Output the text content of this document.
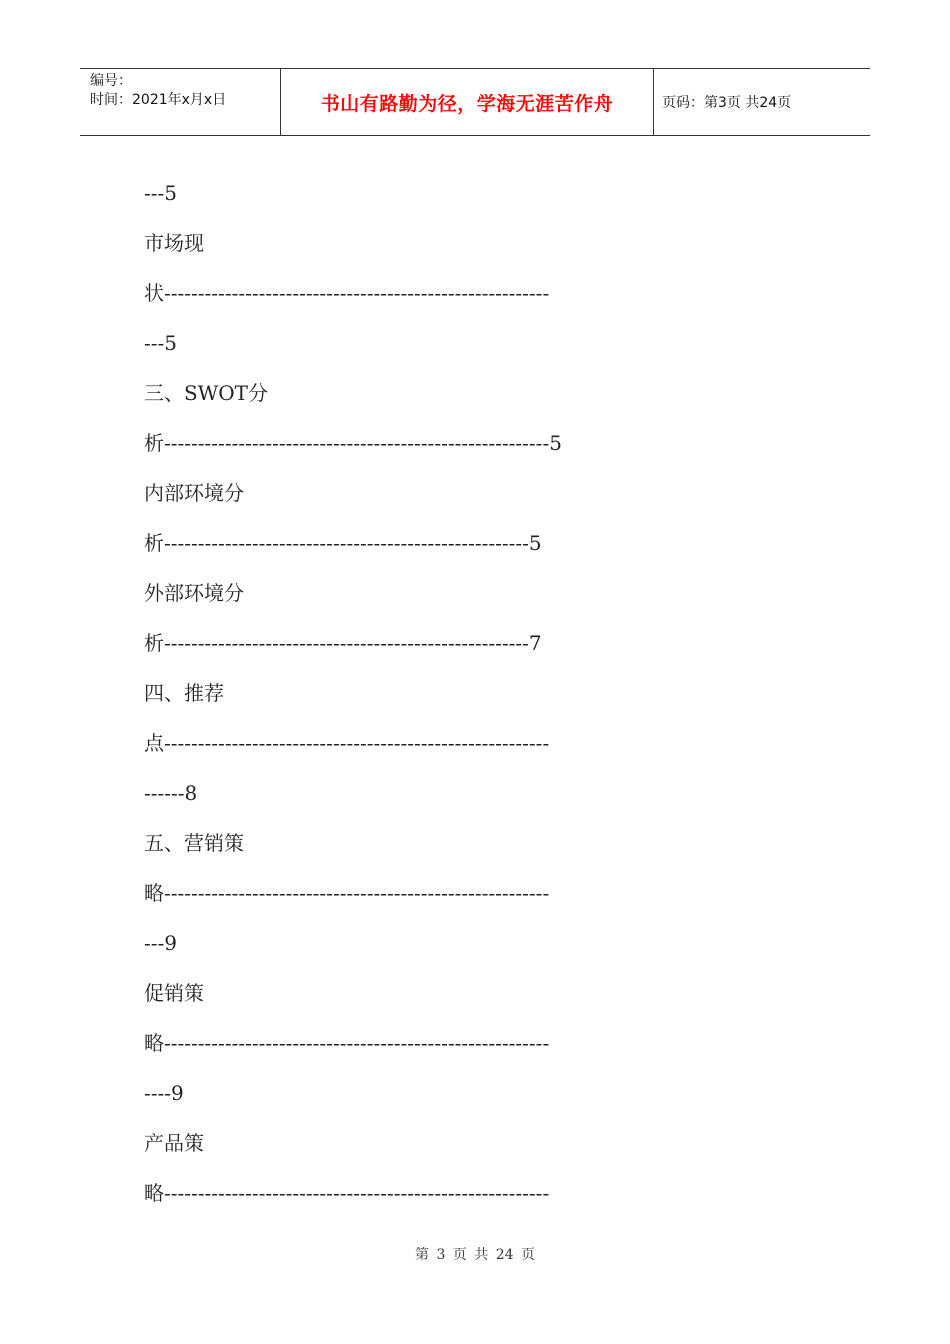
编号：
时间：2021年x月x日	书山有路勤为径，学海无涯苦作舟	页码：第3页 共24页
---5
市场现
状---------------------------------------------------------
---5
三、SWOT分
析---------------------------------------------------------5
内部环境分
析------------------------------------------------------5
外部环境分
析------------------------------------------------------7
四、推荐
点---------------------------------------------------------
------8
五、营销策
略---------------------------------------------------------
---9
促销策
略---------------------------------------------------------
----9
产品策
略---------------------------------------------------------
第 3 页 共 24 页
